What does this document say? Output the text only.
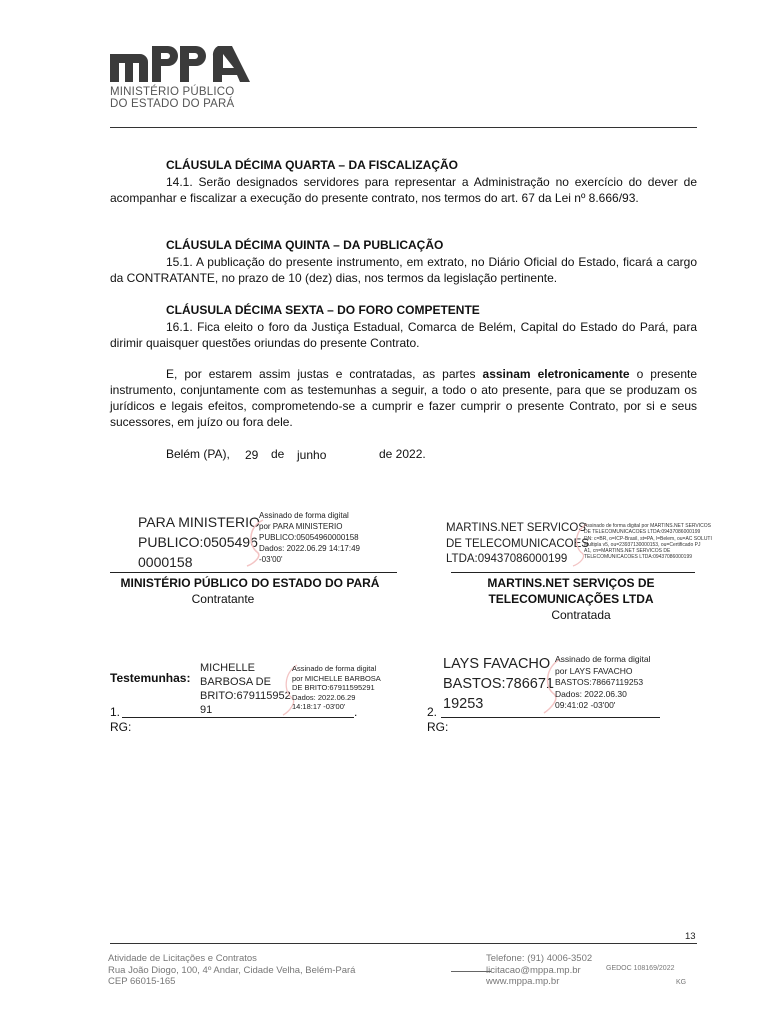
MINISTÉRIO PÚBLICO
DO ESTADO DO PARÁ
CLÁUSULA DÉCIMA QUARTA – DA FISCALIZAÇÃO
14.1. Serão designados servidores para representar a Administração no exercício do dever de acompanhar e fiscalizar a execução do presente contrato, nos termos do art. 67 da Lei nº 8.666/93.
CLÁUSULA DÉCIMA QUINTA – DA PUBLICAÇÃO
15.1. A publicação do presente instrumento, em extrato, no Diário Oficial do Estado, ficará a cargo da CONTRATANTE, no prazo de 10 (dez) dias, nos termos da legislação pertinente.
CLÁUSULA DÉCIMA SEXTA – DO FORO COMPETENTE
16.1. Fica eleito o foro da Justiça Estadual, Comarca de Belém, Capital do Estado do Pará, para dirimir quaisquer questões oriundas do presente Contrato.
E, por estarem assim justas e contratadas, as partes assinam eletronicamente o presente instrumento, conjuntamente com as testemunhas a seguir, a todo o ato presente, para que se produzam os jurídicos e legais efeitos, comprometendo-se a cumprir e fazer cumprir o presente Contrato, por si e seus sucessores, em juízo ou fora dele.
Belém (PA), 29 de junho	de 2022.
PARA MINISTERIO
PUBLICO:0505496
0000158
Assinado de forma digital
por PARA MINISTERIO
PUBLICO:05054960000158
Dados: 2022.06.29 14:17:49
-03'00'
MINISTÉRIO PÚBLICO DO ESTADO DO PARÁ
Contratante
MARTINS.NET SERVICOS
DE TELECOMUNICACOES
LTDA:09437086000199
Assinado de forma digital por MARTINS.NET SERVICOS
DE TELECOMUNICACOES LTDA:09437086000199
DN: c=BR, o=ICP-Brasil, st=PA, l=Belem, ou=AC SOLUTI
Multipla v5, ou=23937130000153, ou=Certificado PJ
A1, cn=MARTINS.NET SERVICOS DE
TELECOMUNICACOES LTDA:09437086000199
MARTINS.NET SERVIÇOS DE
TELECOMUNICAÇÕES LTDA
Contratada
Testemunhas:
MICHELLE
BARBOSA DE
BRITO:679115952
91
Assinado de forma digital
por MICHELLE BARBOSA
DE BRITO:67911595291
Dados: 2022.06.29
14:18:17 -03'00'
1.	.
RG:
LAYS FAVACHO
BASTOS:786671
19253
Assinado de forma digital
por LAYS FAVACHO
BASTOS:78667119253
Dados: 2022.06.30
09:41:02 -03'00'
2.
RG:
13
Atividade de Licitações e Contratos
Rua João Diogo, 100, 4º Andar, Cidade Velha, Belém-Pará
CEP 66015-165
Telefone: (91) 4006-3502
licitacao@mppa.mp.br
www.mppa.mp.br
GEDOC 108169/2022
KG
